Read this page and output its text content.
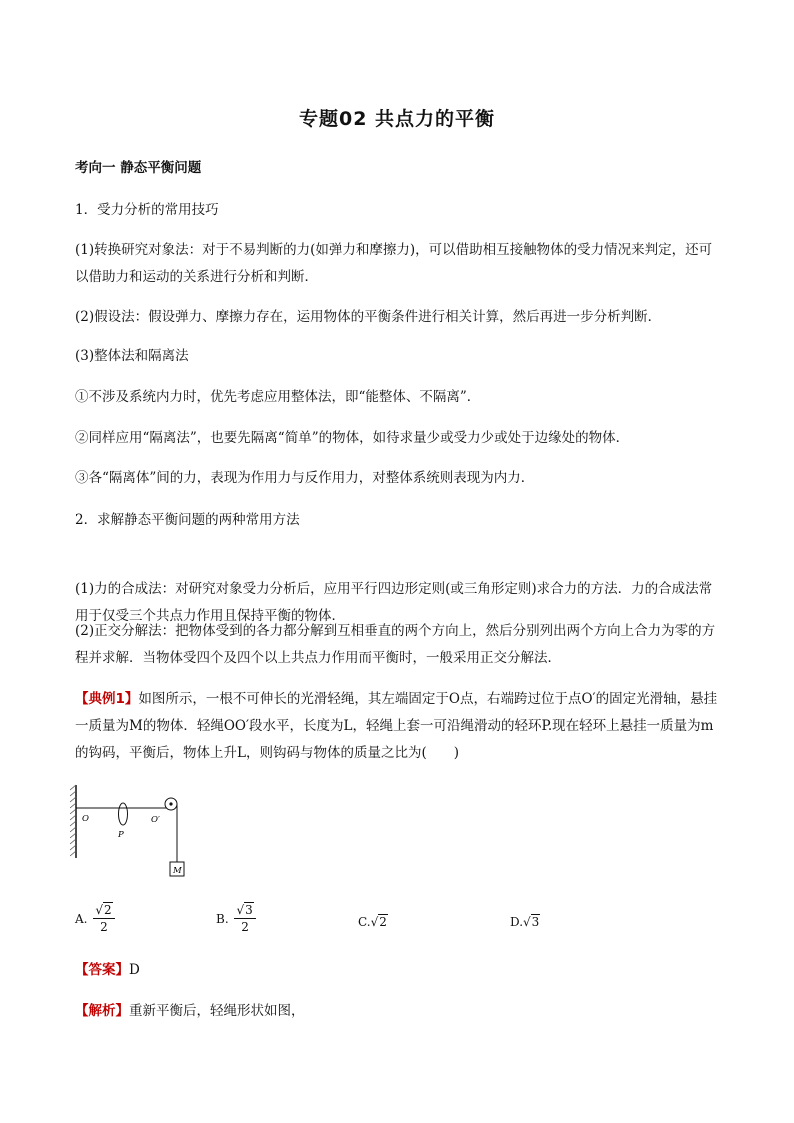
专题02 共点力的平衡
考向一 静态平衡问题
1．受力分析的常用技巧
(1)转换研究对象法：对于不易判断的力(如弹力和摩擦力)，可以借助相互接触物体的受力情况来判定，还可以借助力和运动的关系进行分析和判断．
(2)假设法：假设弹力、摩擦力存在，运用物体的平衡条件进行相关计算，然后再进一步分析判断．
(3)整体法和隔离法
①不涉及系统内力时，优先考虑应用整体法，即“能整体、不隔离”．
②同样应用“隔离法”，也要先隔离“简单”的物体，如待求量少或受力少或处于边缘处的物体．
③各“隔离体”间的力，表现为作用力与反作用力，对整体系统则表现为内力．
2．求解静态平衡问题的两种常用方法
(1)力的合成法：对研究对象受力分析后，应用平行四边形定则(或三角形定则)求合力的方法．力的合成法常用于仅受三个共点力作用且保持平衡的物体．
(2)正交分解法：把物体受到的各力都分解到互相垂直的两个方向上，然后分别列出两个方向上合力为零的方程并求解．当物体受四个及四个以上共点力作用而平衡时，一般采用正交分解法．
【典例1】如图所示，一根不可伸长的光滑轻绳，其左端固定于O点，右端跨过位于点O′的固定光滑轴，悬挂一质量为M的物体．轻绳OO′段水平，长度为L，轻绳上套一可沿绳滑动的轻环P.现在轻环上悬挂一质量为m的钩码，平衡后，物体上升L，则钩码与物体的质量之比为(　　)
O
P
O′
M
A. $\frac{√2}{2}$	B. $\frac{√3}{2}$	C.√2	D.√3
【答案】D
【解析】重新平衡后，轻绳形状如图，
